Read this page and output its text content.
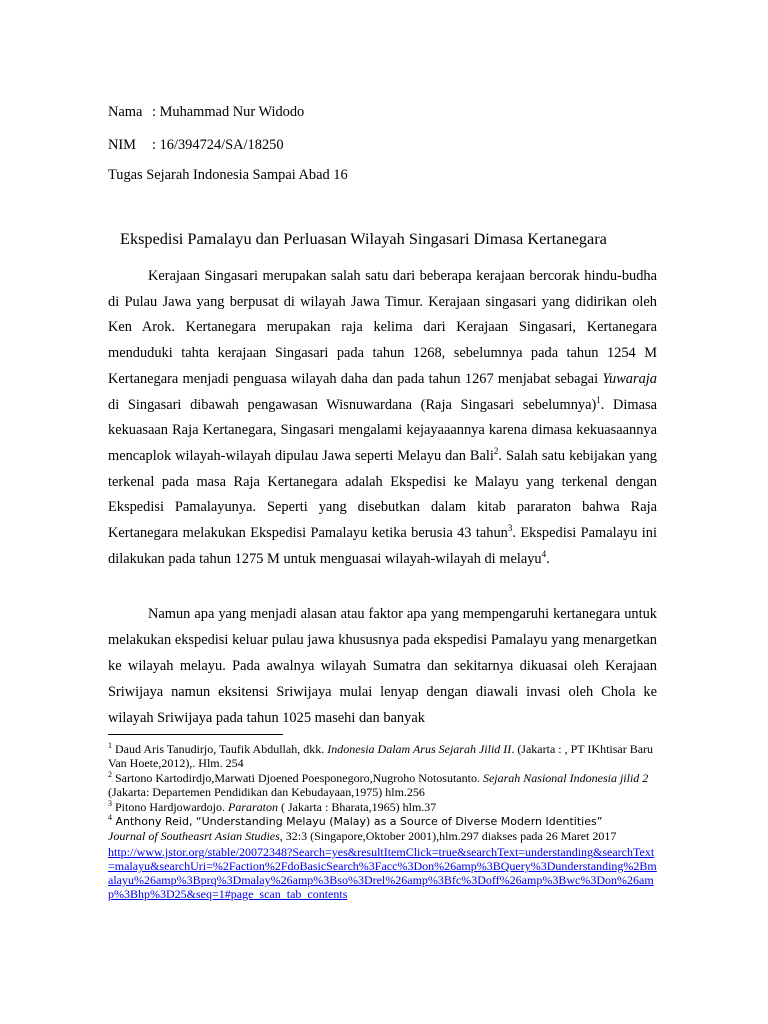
Nama : Muhammad Nur Widodo
NIM : 16/394724/SA/18250
Tugas Sejarah Indonesia Sampai Abad 16
Ekspedisi Pamalayu dan Perluasan Wilayah Singasari Dimasa Kertanegara

Kerajaan Singasari merupakan salah satu dari beberapa kerajaan bercorak hindu-budha di Pulau Jawa yang berpusat di wilayah Jawa Timur. Kerajaan singasari yang didirikan oleh Ken Arok. Kertanegara merupakan raja kelima dari Kerajaan Singasari, Kertanegara menduduki tahta kerajaan Singasari pada tahun 1268, sebelumnya pada tahun 1254 M Kertanegara menjadi penguasa wilayah daha dan pada tahun 1267 menjabat sebagai Yuwaraja di Singasari dibawah pengawasan Wisnuwardana (Raja Singasari sebelumnya)$^1$. Dimasa kekuasaan Raja Kertanegara, Singasari mengalami kejayaaannya karena dimasa kekuasaannya mencaplok wilayah-wilayah dipulau Jawa seperti Melayu dan Bali$^2$. Salah satu kebijakan yang terkenal pada masa Raja Kertanegara adalah Ekspedisi ke Malayu yang terkenal dengan Ekspedisi Pamalayunya. Seperti yang disebutkan dalam kitab pararaton bahwa Raja Kertanegara melakukan Ekspedisi Pamalayu ketika berusia 43 tahun$^3$. Ekspedisi Pamalayu ini dilakukan pada tahun 1275 M untuk menguasai wilayah-wilayah di melayu$^4$.

Namun apa yang menjadi alasan atau faktor apa yang mempengaruhi kertanegara untuk melakukan ekspedisi keluar pulau jawa khususnya pada ekspedisi Pamalayu yang menargetkan ke wilayah melayu. Pada awalnya wilayah Sumatra dan sekitarnya dikuasai oleh Kerajaan Sriwijaya namun eksitensi Sriwijaya mulai lenyap dengan diawali invasi oleh Chola ke wilayah Sriwijaya pada tahun 1025 masehi dan banyak

$^1$ Daud Aris Tanudirjo, Taufik Abdullah, dkk. Indonesia Dalam Arus Sejarah Jilid II. (Jakarta : , PT IKhtisar Baru Van Hoete,2012),. Hlm. 254

$^2$ Sartono Kartodirdjo,Marwati Djoened Poesponegoro,Nugroho Notosutanto. Sejarah Nasional Indonesia jilid 2 (Jakarta: Departemen Pendidikan dan Kebudayaan,1975) hlm.256

$^3$ Pitono Hardjowardojo. Pararaton ( Jakarta : Bharata,1965) hlm.37

$^4$ Anthony Reid, “Understanding Melayu (Malay) as a Source of Diverse Modern Identities”
Journal of Southeasrt Asian Studies, 32:3 (Singapore,Oktober 2001),hlm.297 diakses pada 26 Maret 2017
http://www.jstor.org/stable/20072348?Search=yes&resultItemClick=true&searchText=understanding&searchText=malayu&searchUri=%2Faction%2FdoBasicSearch%3Facc%3Don%26amp%3BQuery%3Dunderstanding%2Bmalayu%26amp%3Bprq%3Dmalay%26amp%3Bso%3Drel%26amp%3Bfc%3Doff%26amp%3Bwc%3Don%26amp%3Bhp%3D25&seq=1#page_scan_tab_contents
